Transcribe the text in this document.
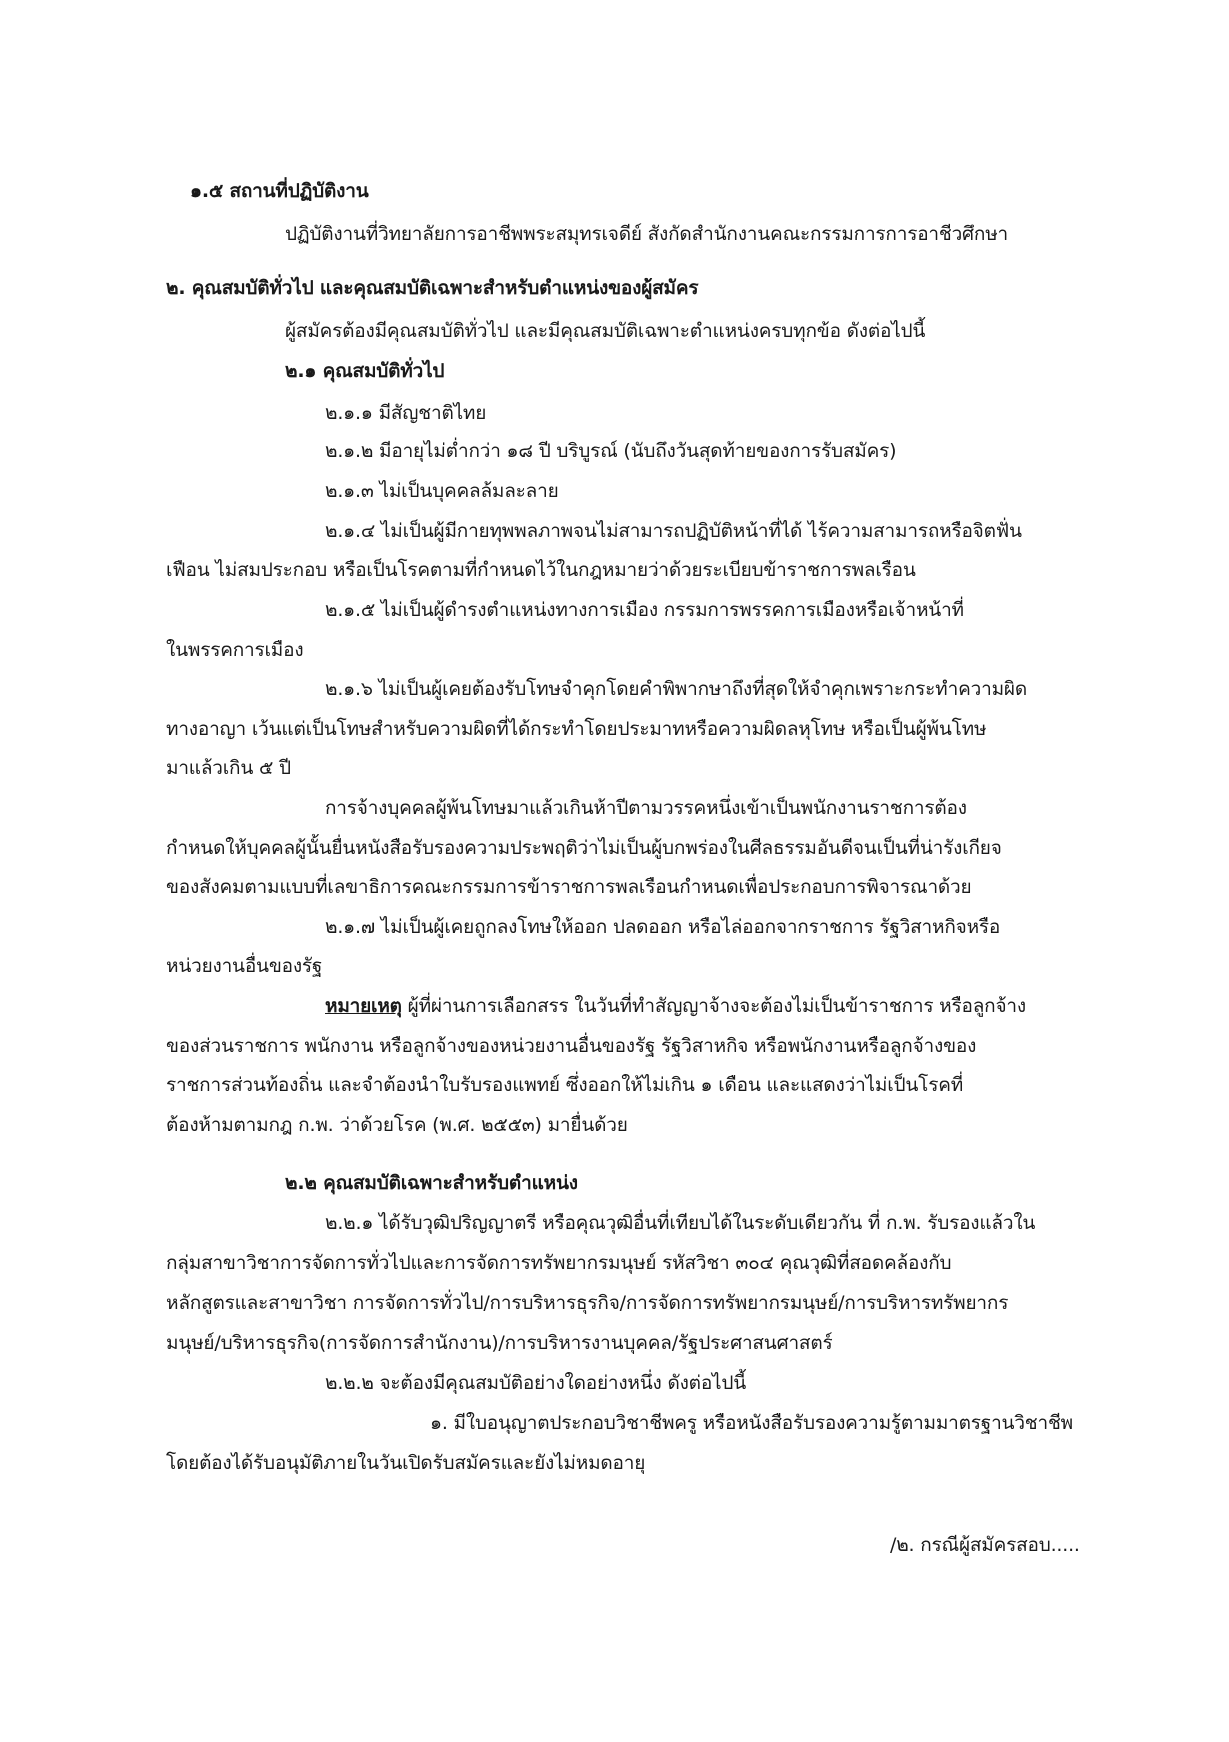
๑.๕ สถานที่ปฏิบัติงาน
ปฏิบัติงานที่วิทยาลัยการอาชีพพระสมุทรเจดีย์ สังกัดสำนักงานคณะกรรมการการอาชีวศึกษา
๒. คุณสมบัติทั่วไป และคุณสมบัติเฉพาะสำหรับตำแหน่งของผู้สมัคร
ผู้สมัครต้องมีคุณสมบัติทั่วไป และมีคุณสมบัติเฉพาะตำแหน่งครบทุกข้อ ดังต่อไปนี้
๒.๑ คุณสมบัติทั่วไป
๒.๑.๑ มีสัญชาติไทย
๒.๑.๒ มีอายุไม่ต่ำกว่า ๑๘ ปี บริบูรณ์ (นับถึงวันสุดท้ายของการรับสมัคร)
๒.๑.๓ ไม่เป็นบุคคลล้มละลาย
๒.๑.๔ ไม่เป็นผู้มีกายทุพพลภาพจนไม่สามารถปฏิบัติหน้าที่ได้ ไร้ความสามารถหรือจิตฟั่น
เฟือน ไม่สมประกอบ หรือเป็นโรคตามที่กำหนดไว้ในกฎหมายว่าด้วยระเบียบข้าราชการพลเรือน
๒.๑.๕ ไม่เป็นผู้ดำรงตำแหน่งทางการเมือง กรรมการพรรคการเมืองหรือเจ้าหน้าที่
ในพรรคการเมือง
๒.๑.๖ ไม่เป็นผู้เคยต้องรับโทษจำคุกโดยคำพิพากษาถึงที่สุดให้จำคุกเพราะกระทำความผิด
ทางอาญา เว้นแต่เป็นโทษสำหรับความผิดที่ได้กระทำโดยประมาทหรือความผิดลหุโทษ หรือเป็นผู้พ้นโทษ
มาแล้วเกิน ๕ ปี
การจ้างบุคคลผู้พ้นโทษมาแล้วเกินห้าปีตามวรรคหนึ่งเข้าเป็นพนักงานราชการต้อง
กำหนดให้บุคคลผู้นั้นยื่นหนังสือรับรองความประพฤติว่าไม่เป็นผู้บกพร่องในศีลธรรมอันดีจนเป็นที่น่ารังเกียจ
ของสังคมตามแบบที่เลขาธิการคณะกรรมการข้าราชการพลเรือนกำหนดเพื่อประกอบการพิจารณาด้วย
๒.๑.๗ ไม่เป็นผู้เคยถูกลงโทษให้ออก ปลดออก หรือไล่ออกจากราชการ รัฐวิสาหกิจหรือ
หน่วยงานอื่นของรัฐ
หมายเหตุ ผู้ที่ผ่านการเลือกสรร ในวันที่ทำสัญญาจ้างจะต้องไม่เป็นข้าราชการ หรือลูกจ้าง
ของส่วนราชการ พนักงาน หรือลูกจ้างของหน่วยงานอื่นของรัฐ รัฐวิสาหกิจ หรือพนักงานหรือลูกจ้างของ
ราชการส่วนท้องถิ่น และจำต้องนำใบรับรองแพทย์ ซึ่งออกให้ไม่เกิน ๑ เดือน และแสดงว่าไม่เป็นโรคที่
ต้องห้ามตามกฎ ก.พ. ว่าด้วยโรค (พ.ศ. ๒๕๕๓) มายื่นด้วย
๒.๒ คุณสมบัติเฉพาะสำหรับตำแหน่ง
๒.๒.๑ ได้รับวุฒิปริญญาตรี หรือคุณวุฒิอื่นที่เทียบได้ในระดับเดียวกัน ที่ ก.พ. รับรองแล้วใน
กลุ่มสาขาวิชาการจัดการทั่วไปและการจัดการทรัพยากรมนุษย์ รหัสวิชา ๓๐๔ คุณวุฒิที่สอดคล้องกับ
หลักสูตรและสาขาวิชา การจัดการทั่วไป/การบริหารธุรกิจ/การจัดการทรัพยากรมนุษย์/การบริหารทรัพยากร
มนุษย์/บริหารธุรกิจ(การจัดการสำนักงาน)/การบริหารงานบุคคล/รัฐประศาสนศาสตร์
๒.๒.๒ จะต้องมีคุณสมบัติอย่างใดอย่างหนึ่ง ดังต่อไปนี้
๑. มีใบอนุญาตประกอบวิชาชีพครู หรือหนังสือรับรองความรู้ตามมาตรฐานวิชาชีพ
โดยต้องได้รับอนุมัติภายในวันเปิดรับสมัครและยังไม่หมดอายุ
/๒. กรณีผู้สมัครสอบ.....
